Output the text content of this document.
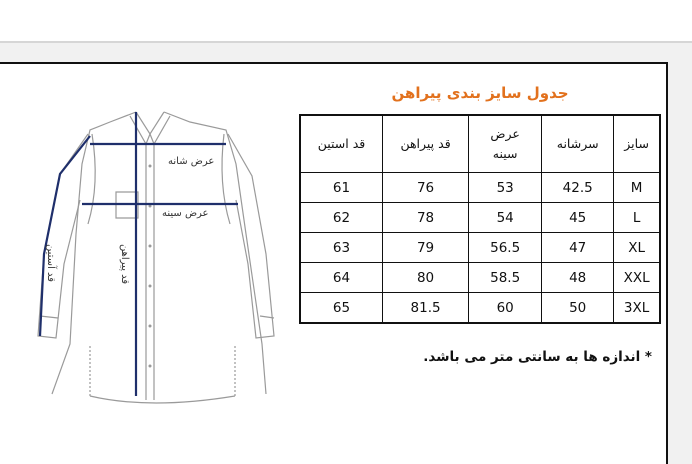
عرض شانه
عرض سینه
قد پیراهن
قد آستین
جدول سایز بندی پیراهن
سایز	سرشانه	عرض سینه	قد پیراهن	قد استین
M	42.5	53	76	61
L	45	54	78	62
XL	47	56.5	79	63
XXL	48	58.5	80	64
3XL	50	60	81.5	65
* اندازه ها به سانتی متر می باشد.
